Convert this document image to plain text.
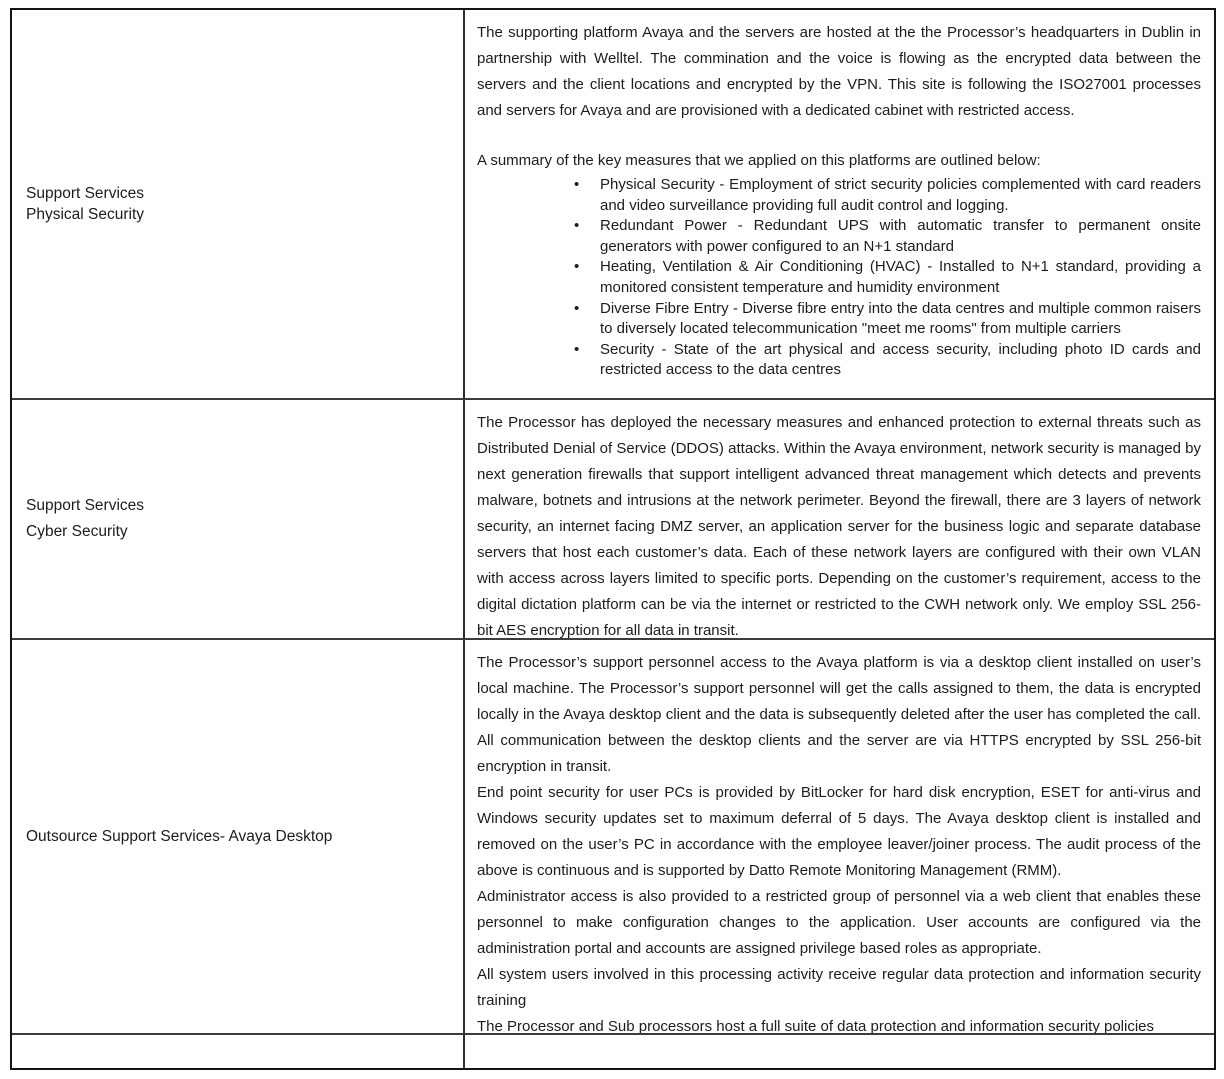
Support Services
Physical Security

The supporting platform Avaya and the servers are hosted at the the Processor’s headquarters in Dublin in partnership with Welltel. The commination and the voice is flowing as the encrypted data between the servers and the client locations and encrypted by the VPN. This site is following the ISO27001 processes and servers for Avaya and are provisioned with a dedicated cabinet with restricted access.

A summary of the key measures that we applied on this platforms are outlined below:
• Physical Security - Employment of strict security policies complemented with card readers and video surveillance providing full audit control and logging.
• Redundant Power - Redundant UPS with automatic transfer to permanent onsite generators with power configured to an N+1 standard
• Heating, Ventilation & Air Conditioning (HVAC) - Installed to N+1 standard, providing a monitored consistent temperature and humidity environment
• Diverse Fibre Entry - Diverse fibre entry into the data centres and multiple common raisers to diversely located telecommunication "meet me rooms" from multiple carriers
• Security - State of the art physical and access security, including photo ID cards and restricted access to the data centres
Support Services
Cyber Security

The Processor has deployed the necessary measures and enhanced protection to external threats such as Distributed Denial of Service (DDOS) attacks. Within the Avaya environment, network security is managed by next generation firewalls that support intelligent advanced threat management which detects and prevents malware, botnets and intrusions at the network perimeter. Beyond the firewall, there are 3 layers of network security, an internet facing DMZ server, an application server for the business logic and separate database servers that host each customer’s data. Each of these network layers are configured with their own VLAN with access across layers limited to specific ports. Depending on the customer’s requirement, access to the digital dictation platform can be via the internet or restricted to the CWH network only. We employ SSL 256-bit AES encryption for all data in transit.

Outsource Support Services- Avaya Desktop

The Processor’s support personnel access to the Avaya platform is via a desktop client installed on user’s local machine. The Processor’s support personnel will get the calls assigned to them, the data is encrypted locally in the Avaya desktop client and the data is subsequently deleted after the user has completed the call. All communication between the desktop clients and the server are via HTTPS encrypted by SSL 256-bit encryption in transit.

End point security for user PCs is provided by BitLocker for hard disk encryption, ESET for anti-virus and Windows security updates set to maximum deferral of 5 days. The Avaya desktop client is installed and removed on the user’s PC in accordance with the employee leaver/joiner process. The audit process of the above is continuous and is supported by Datto Remote Monitoring Management (RMM).

Administrator access is also provided to a restricted group of personnel via a web client that enables these personnel to make configuration changes to the application. User accounts are configured via the administration portal and accounts are assigned privilege based roles as appropriate.

All system users involved in this processing activity receive regular data protection and information security training

The Processor and Sub processors host a full suite of data protection and information security policies
